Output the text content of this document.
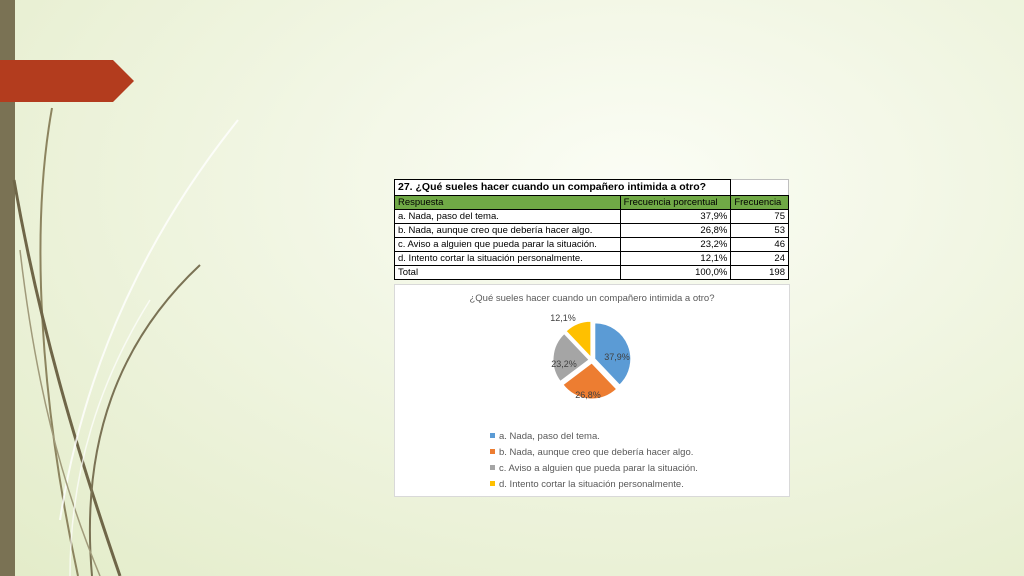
27. ¿Qué sueles hacer cuando un compañero intimida a otro?		
Respuesta	Frecuencia porcentual	Frecuencia
a. Nada, paso del tema.	37,9%	75
b. Nada, aunque creo que debería hacer algo.	26,8%	53
c. Aviso a alguien que pueda parar la situación.	23,2%	46
d. Intento cortar la situación personalmente.	12,1%	24
Total	100,0%	198
¿Qué sueles hacer cuando un compañero intimida a otro?
37,9%
26,8%
23,2%
12,1%
a. Nada, paso del tema.
b. Nada, aunque creo que debería hacer algo.
c. Aviso a alguien que pueda parar la situación.
d. Intento cortar la situación personalmente.
